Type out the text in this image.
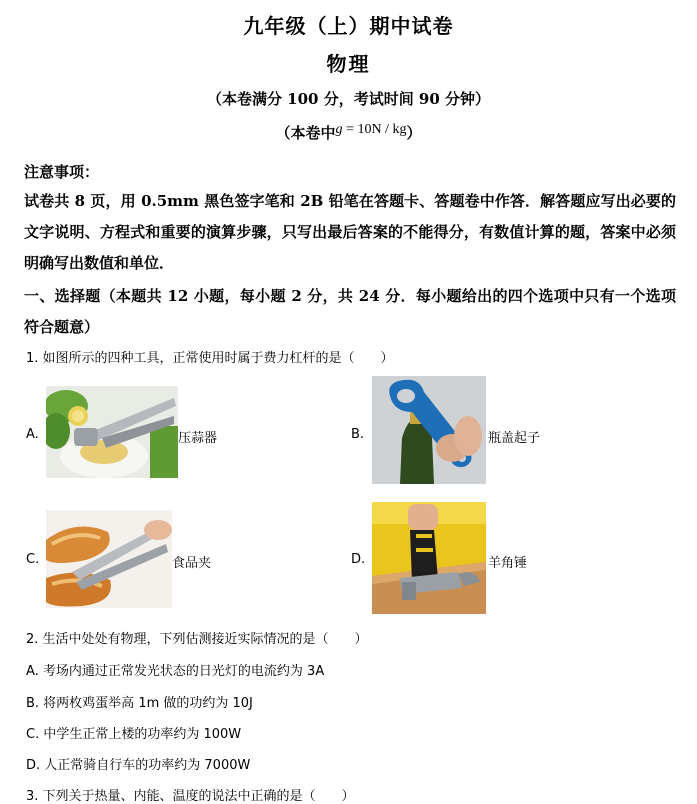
九年级（上）期中试卷
物理
（本卷满分 100 分，考试时间 90 分钟）
（本卷中g = 10N / kg）
注意事项：
试卷共 8 页，用 0.5mm 黑色签字笔和 2B 铅笔在答题卡、答题卷中作答．解答题应写出必要的文字说明、方程式和重要的演算步骤，只写出最后答案的不能得分，有数值计算的题，答案中必须明确写出数值和单位．
一、选择题（本题共 12 小题，每小题 2 分，共 24 分．每小题给出的四个选项中只有一个选项符合题意）
1. 如图所示的四种工具，正常使用时属于费力杠杆的是（　　）
A.	压蒜器	B.	瓶盖起子
C.	食品夹	D.	羊角锤
2. 生活中处处有物理，下列估测接近实际情况的是（　　）
A. 考场内通过正常发光状态的日光灯的电流约为 3A
B. 将两枚鸡蛋举高 1m 做的功约为 10J
C. 中学生正常上楼的功率约为 100W
D. 人正常骑自行车的功率约为 7000W
3. 下列关于热量、内能、温度的说法中正确的是（　　）
